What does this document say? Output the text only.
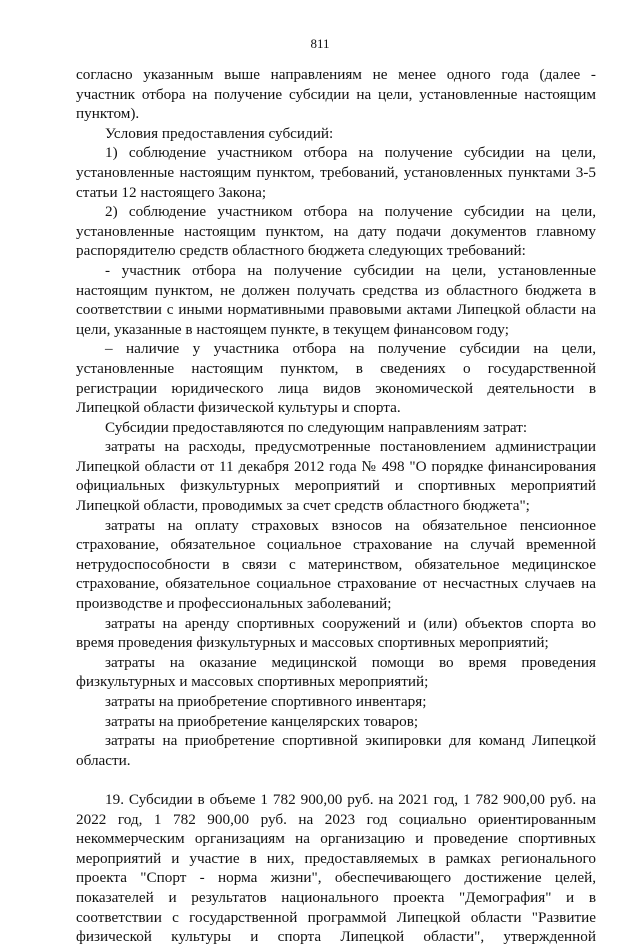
811

согласно указанным выше направлениям не менее одного года (далее - участник отбора на получение субсидии на цели, установленные настоящим пунктом).

Условия предоставления субсидий:

1) соблюдение участником отбора на получение субсидии на цели, установленные настоящим пунктом, требований, установленных пунктами 3-5 статьи 12 настоящего Закона;

2) соблюдение участником отбора на получение субсидии на цели, установленные настоящим пунктом, на дату подачи документов главному распорядителю средств областного бюджета следующих требований:

- участник отбора на получение субсидии на цели, установленные настоящим пунктом, не должен получать средства из областного бюджета в соответствии с иными нормативными правовыми актами Липецкой области на цели, указанные в настоящем пункте, в текущем финансовом году;

– наличие у участника отбора на получение субсидии на цели, установленные настоящим пунктом, в сведениях о государственной регистрации юридического лица видов экономической деятельности в Липецкой области физической культуры и спорта.

Субсидии предоставляются по следующим направлениям затрат:

затраты на расходы, предусмотренные постановлением администрации Липецкой области от 11 декабря 2012 года № 498 "О порядке финансирования официальных физкультурных мероприятий и спортивных мероприятий Липецкой области, проводимых за счет средств областного бюджета";

затраты на оплату страховых взносов на обязательное пенсионное страхование, обязательное социальное страхование на случай временной нетрудоспособности в связи с материнством, обязательное медицинское страхование, обязательное социальное страхование от несчастных случаев на производстве и профессиональных заболеваний;

затраты на аренду спортивных сооружений и (или) объектов спорта во время проведения физкультурных и массовых спортивных мероприятий;

затраты на оказание медицинской помощи во время проведения физкультурных и массовых спортивных мероприятий;

затраты на приобретение спортивного инвентаря;

затраты на приобретение канцелярских товаров;

затраты на приобретение спортивной экипировки для команд Липецкой области.

19. Субсидии в объеме 1 782 900,00 руб. на 2021 год, 1 782 900,00 руб. на 2022 год, 1 782 900,00 руб. на 2023 год социально ориентированным некоммерческим организациям на организацию и проведение спортивных мероприятий и участие в них, предоставляемых в рамках регионального проекта "Спорт - норма жизни", обеспечивающего достижение целей, показателей и результатов национального проекта "Демография" и в соответствии с государственной программой Липецкой области "Развитие физической культуры и спорта Липецкой области", утвержденной
